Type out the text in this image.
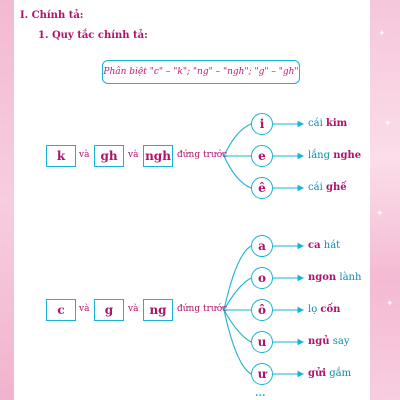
✦
✦
✦
✦
I. Chính tả:
1. Quy tắc chính tả:
Phân biệt "c" – "k"; "ng" – "ngh"; "g" – "gh"
k và gh và ngh đứng trước
i
e
ê
cái kim
lắng nghe
cái ghế
c và g và ng đứng trước
a
o
ô
u
ư
ca hát
ngon lành
lọ cốn
ngủ say
gửi gắm
...
